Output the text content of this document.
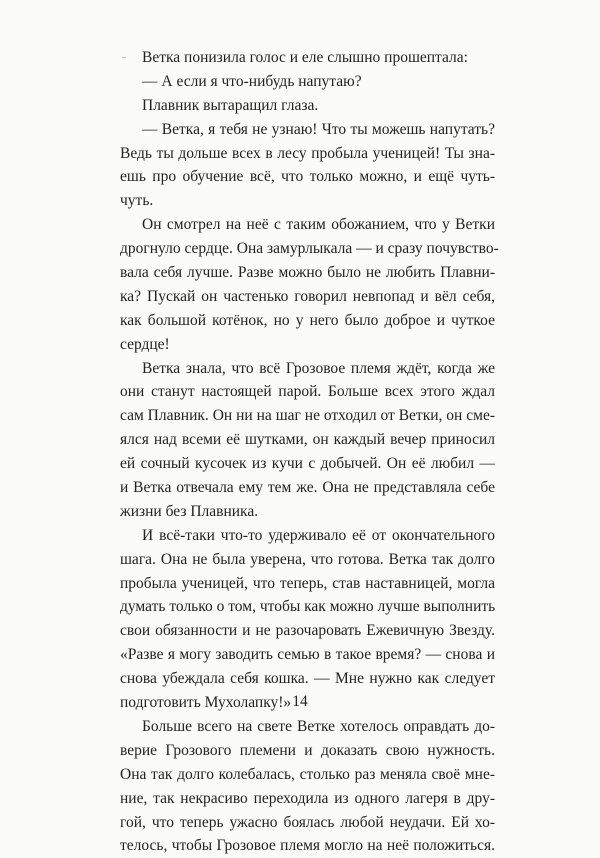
Ветка понизила голос и еле слышно прошептала:
— А если я что-нибудь напутаю?
Плавник вытаращил глаза.
— Ветка, я тебя не узнаю! Что ты можешь напутать?
Ведь ты дольше всех в лесу пробыла ученицей! Ты зна-
ешь про обучение всё, что только можно, и ещё чуть-
чуть.
Он смотрел на неё с таким обожанием, что у Ветки
дрогнуло сердце. Она замурлыкала — и сразу почувство-
вала себя лучше. Разве можно было не любить Плавни-
ка? Пускай он частенько говорил невпопад и вёл себя,
как большой котёнок, но у него было доброе и чуткое
сердце!
Ветка знала, что всё Грозовое племя ждёт, когда же
они станут настоящей парой. Больше всех этого ждал
сам Плавник. Он ни на шаг не отходил от Ветки, он сме-
ялся над всеми её шутками, он каждый вечер приносил
ей сочный кусочек из кучи с добычей. Он её любил —
и Ветка отвечала ему тем же. Она не представляла себе
жизни без Плавника.
И всё-таки что-то удерживало её от окончательного
шага. Она не была уверена, что готова. Ветка так долго
пробыла ученицей, что теперь, став наставницей, могла
думать только о том, чтобы как можно лучше выполнить
свои обязанности и не разочаровать Ежевичную Звезду.
«Разве я могу заводить семью в такое время? — снова и
снова убеждала себя кошка. — Мне нужно как следует
подготовить Мухолапку!»
Больше всего на свете Ветке хотелось оправдать до-
верие Грозового племени и доказать свою нужность.
Она так долго колебалась, столько раз меняла своё мне-
ние, так некрасиво переходила из одного лагеря в дру-
гой, что теперь ужасно боялась любой неудачи. Ей хо-
телось, чтобы Грозовое племя могло на неё положиться.
14
